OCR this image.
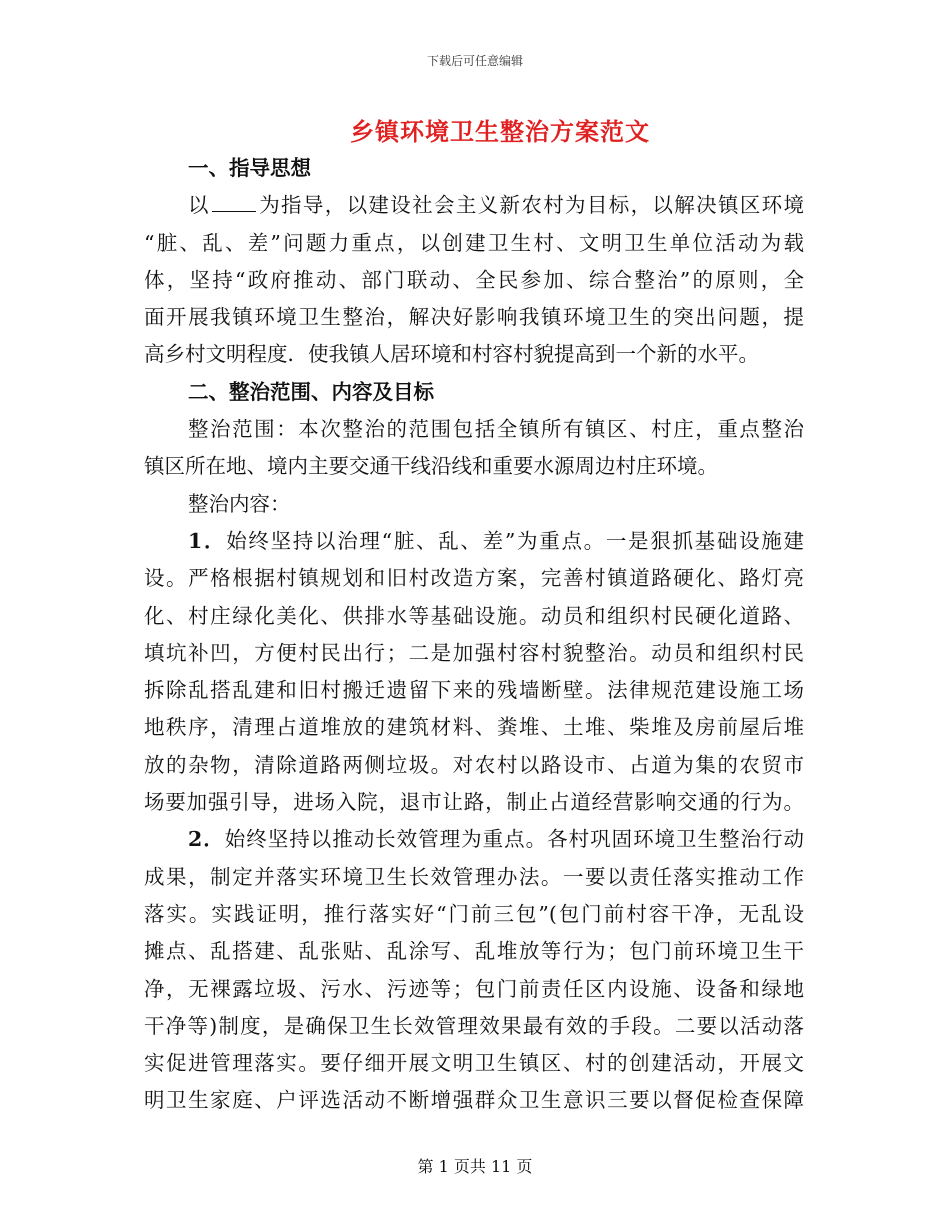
下载后可任意编辑
乡镇环境卫生整治方案范文
一、指导思想
以 为指导，以建设社会主义新农村为目标，以解决镇区环境
“脏、乱、差”问题力重点，以创建卫生村、文明卫生单位活动为载
体，坚持“政府推动、部门联动、全民参加、综合整治”的原则，全
面开展我镇环境卫生整治，解决好影响我镇环境卫生的突出问题，提
高乡村文明程度．使我镇人居环境和村容村貌提高到一个新的水平。
二、整治范围、内容及目标
整治范围：本次整治的范围包括全镇所有镇区、村庄，重点整治
镇区所在地、境内主要交通干线沿线和重要水源周边村庄环境。
整治内容：
1．始终坚持以治理“脏、乱、差”为重点。一是狠抓基础设施建
设。严格根据村镇规划和旧村改造方案，完善村镇道路硬化、路灯亮
化、村庄绿化美化、供排水等基础设施。动员和组织村民硬化道路、
填坑补凹，方便村民出行；二是加强村容村貌整治。动员和组织村民
拆除乱搭乱建和旧村搬迁遗留下来的残墙断壁。法律规范建设施工场
地秩序，清理占道堆放的建筑材料、粪堆、土堆、柴堆及房前屋后堆
放的杂物，清除道路两侧垃圾。对农村以路设市、占道为集的农贸市
场要加强引导，进场入院，退市让路，制止占道经营影响交通的行为。
2．始终坚持以推动长效管理为重点。各村巩固环境卫生整治行动
成果，制定并落实环境卫生长效管理办法。一要以责任落实推动工作
落实。实践证明，推行落实好“门前三包”(包门前村容干净，无乱设
摊点、乱搭建、乱张贴、乱涂写、乱堆放等行为；包门前环境卫生干
净，无裸露垃圾、污水、污迹等；包门前责任区内设施、设备和绿地
干净等)制度，是确保卫生长效管理效果最有效的手段。二要以活动落
实促进管理落实。要仔细开展文明卫生镇区、村的创建活动，开展文
明卫生家庭、户评选活动不断增强群众卫生意识三要以督促检查保障
第 1 页共 11 页
